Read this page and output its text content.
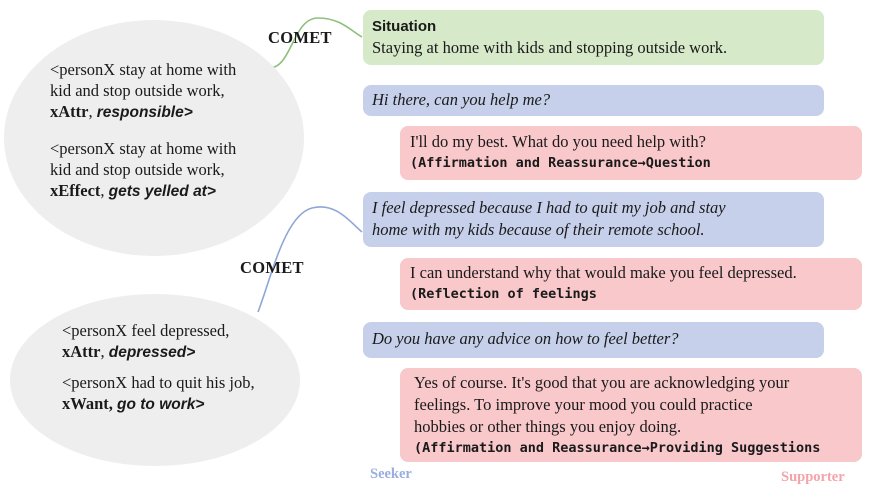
<personX stay at home with
kid and stop outside work,
xAttr, responsible>
<personX stay at home with
kid and stop outside work,
xEffect, gets yelled at>
<personX feel depressed,
xAttr, depressed>
<personX had to quit his job,
xWant, go to work>
COMET
COMET
Situation
Staying at home with kids and stopping outside work.
Hi there, can you help me?
I'll do my best. What do you need help with?
(Affirmation and Reassurance→Question
I feel depressed because I had to quit my job and stay
home with my kids because of their remote school.
I can understand why that would make you feel depressed.
(Reflection of feelings
Do you have any advice on how to feel better?
Yes of course. It's good that you are acknowledging your
feelings. To improve your mood you could practice
hobbies or other things you enjoy doing.
(Affirmation and Reassurance→Providing Suggestions
Seeker	Supporter
